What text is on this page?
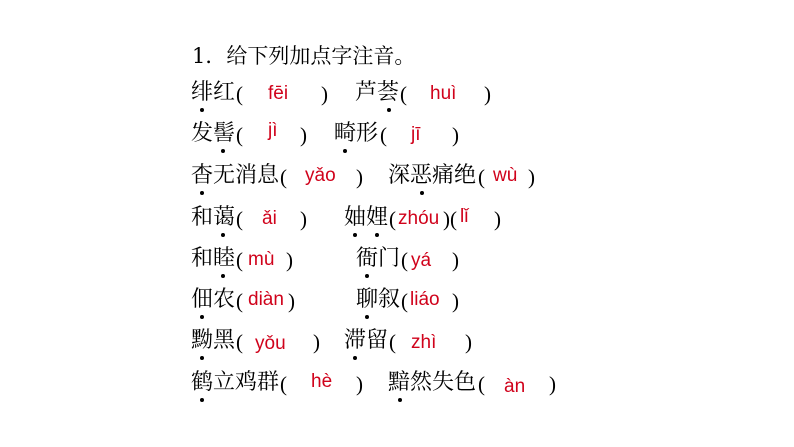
1．给下列加点字注音。
绯红 ( fēi ) 芦荟 ( huì )
发髻 ( jì ) 畸形 ( jī )
杳无消息 ( yǎo ) 深恶痛绝 ( wù )
和蔼 ( ǎi ) 妯娌 ( zhóu )( lǐ )
和睦 ( mù )	衙门 ( yá )
佃农 ( diàn )	聊叙 ( liáo )
黝黑 ( yǒu ) 滞留 ( zhì )
鹤立鸡群 ( hè ) 黯然失色 ( àn )
